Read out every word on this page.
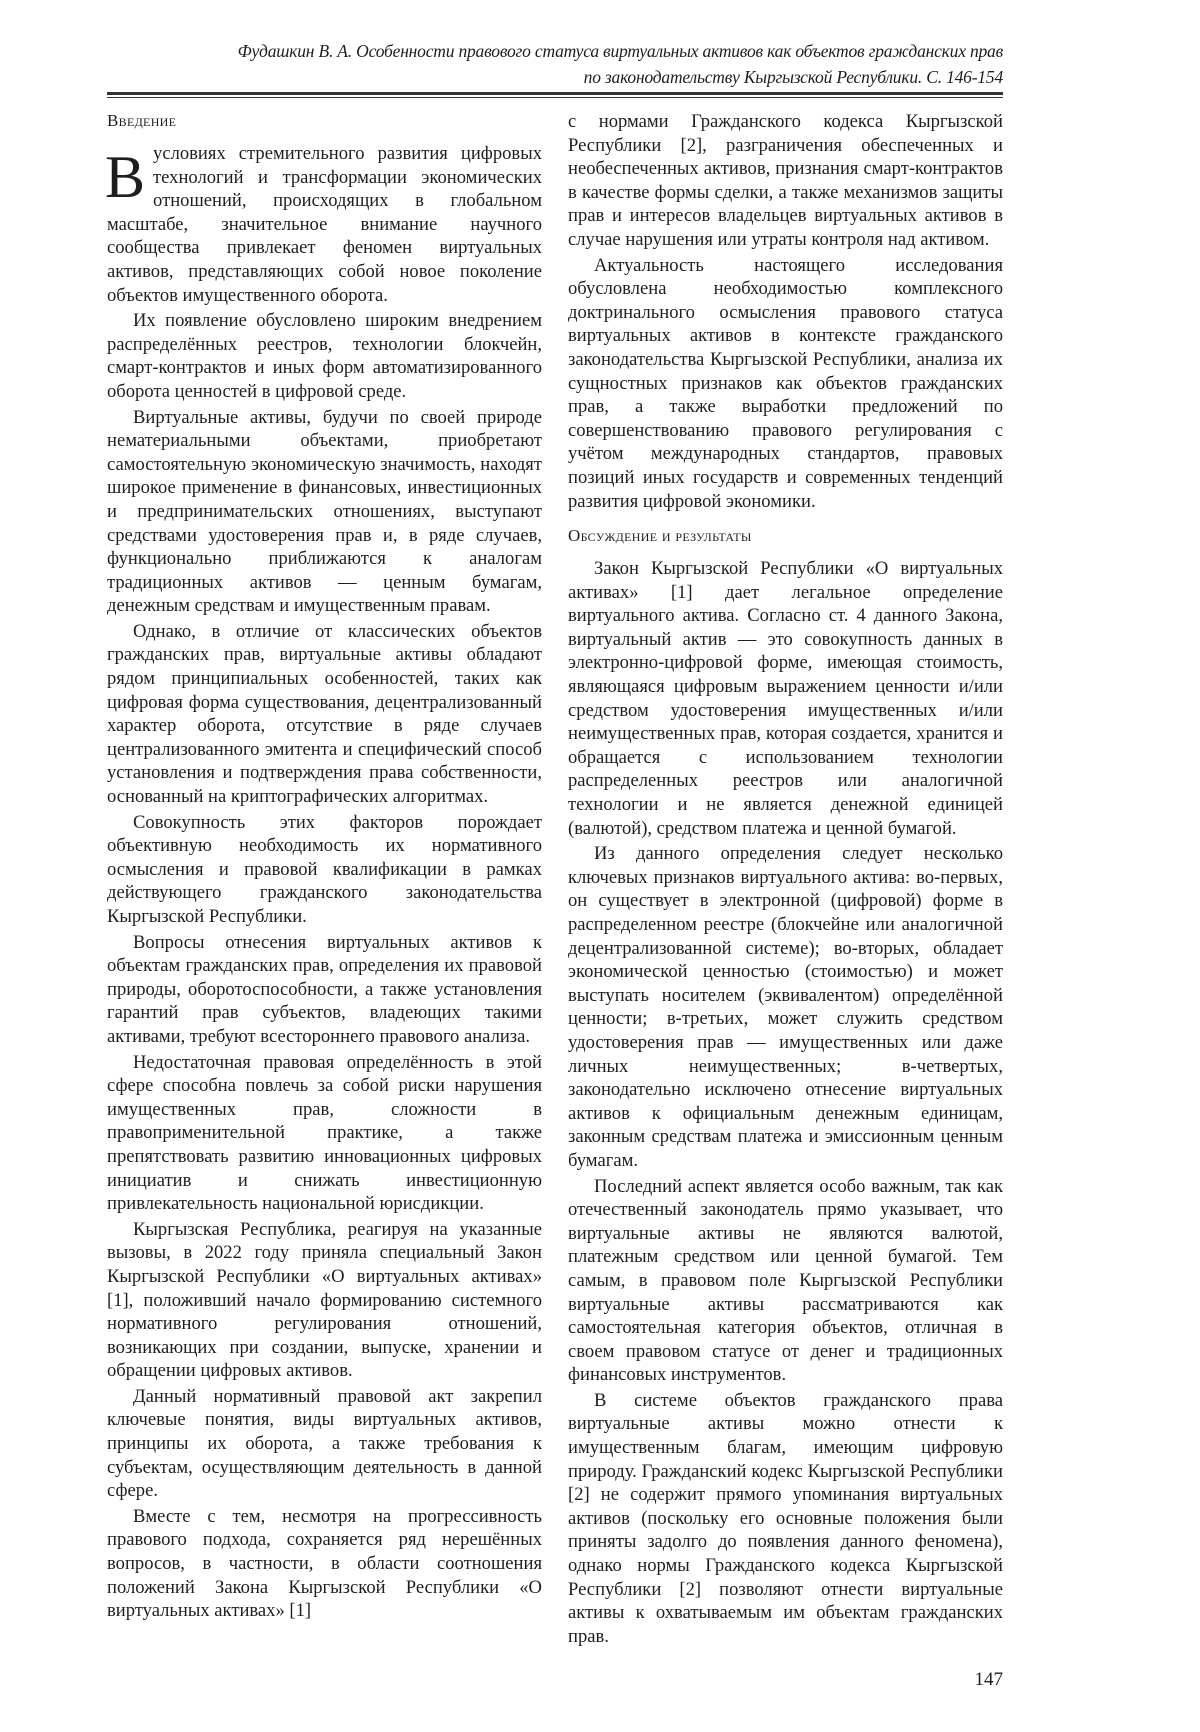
Фудашкин В. А. Особенности правового статуса виртуальных активов как объектов гражданских прав
по законодательству Кыргызской Республики. С. 146-154
Введение

В условиях стремительного развития цифровых технологий и трансформации экономических отношений, происходящих в глобальном масштабе, значительное внимание научного сообщества привлекает феномен виртуальных активов, представляющих собой новое поколение объектов имущественного оборота.

Их появление обусловлено широким внедрением распределённых реестров, технологии блокчейн, смарт-контрактов и иных форм автоматизированного оборота ценностей в цифровой среде.

Виртуальные активы, будучи по своей природе нематериальными объектами, приобретают самостоятельную экономическую значимость, находят широкое применение в финансовых, инвестиционных и предпринимательских отношениях, выступают средствами удостоверения прав и, в ряде случаев, функционально приближаются к аналогам традиционных активов — ценным бумагам, денежным средствам и имущественным правам.

Однако, в отличие от классических объектов гражданских прав, виртуальные активы обладают рядом принципиальных особенностей, таких как цифровая форма существования, децентрализованный характер оборота, отсутствие в ряде случаев централизованного эмитента и специфический способ установления и подтверждения права собственности, основанный на криптографических алгоритмах.

Совокупность этих факторов порождает объективную необходимость их нормативного осмысления и правовой квалификации в рамках действующего гражданского законодательства Кыргызской Республики.

Вопросы отнесения виртуальных активов к объектам гражданских прав, определения их правовой природы, оборотоспособности, а также установления гарантий прав субъектов, владеющих такими активами, требуют всестороннего правового анализа.

Недостаточная правовая определённость в этой сфере способна повлечь за собой риски нарушения имущественных прав, сложности в правоприменительной практике, а также препятствовать развитию инновационных цифровых инициатив и снижать инвестиционную привлекательность национальной юрисдикции.

Кыргызская Республика, реагируя на указанные вызовы, в 2022 году приняла специальный Закон Кыргызской Республики «О виртуальных активах» [1], положивший начало формированию системного нормативного регулирования отношений, возникающих при создании, выпуске, хранении и обращении цифровых активов.

Данный нормативный правовой акт закрепил ключевые понятия, виды виртуальных активов, принципы их оборота, а также требования к субъектам, осуществляющим деятельность в данной сфере.

Вместе с тем, несмотря на прогрессивность правового подхода, сохраняется ряд нерешённых вопросов, в частности, в области соотношения положений Закона Кыргызской Республики «О виртуальных активах» [1]

с нормами Гражданского кодекса Кыргызской Республики [2], разграничения обеспеченных и необеспеченных активов, признания смарт-контрактов в качестве формы сделки, а также механизмов защиты прав и интересов владельцев виртуальных активов в случае нарушения или утраты контроля над активом.

Актуальность настоящего исследования обусловлена необходимостью комплексного доктринального осмысления правового статуса виртуальных активов в контексте гражданского законодательства Кыргызской Республики, анализа их сущностных признаков как объектов гражданских прав, а также выработки предложений по совершенствованию правового регулирования с учётом международных стандартов, правовых позиций иных государств и современных тенденций развития цифровой экономики.

Обсуждение и результаты

Закон Кыргызской Республики «О виртуальных активах» [1] дает легальное определение виртуального актива. Согласно ст. 4 данного Закона, виртуальный актив — это совокупность данных в электронно-цифровой форме, имеющая стоимость, являющаяся цифровым выражением ценности и/или средством удостоверения имущественных и/или неимущественных прав, которая создается, хранится и обращается с использованием технологии распределенных реестров или аналогичной технологии и не является денежной единицей (валютой), средством платежа и ценной бумагой.

Из данного определения следует несколько ключевых признаков виртуального актива: во-первых, он существует в электронной (цифровой) форме в распределенном реестре (блокчейне или аналогичной децентрализованной системе); во-вторых, обладает экономической ценностью (стоимостью) и может выступать носителем (эквивалентом) определённой ценности; в-третьих, может служить средством удостоверения прав — имущественных или даже личных неимущественных; в-четвертых, законодательно исключено отнесение виртуальных активов к официальным денежным единицам, законным средствам платежа и эмиссионным ценным бумагам.

Последний аспект является особо важным, так как отечественный законодатель прямо указывает, что виртуальные активы не являются валютой, платежным средством или ценной бумагой. Тем самым, в правовом поле Кыргызской Республики виртуальные активы рассматриваются как самостоятельная категория объектов, отличная в своем правовом статусе от денег и традиционных финансовых инструментов.

В системе объектов гражданского права виртуальные активы можно отнести к имущественным благам, имеющим цифровую природу. Гражданский кодекс Кыргызской Республики [2] не содержит прямого упоминания виртуальных активов (поскольку его основные положения были приняты задолго до появления данного феномена), однако нормы Гражданского кодекса Кыргызской Республики [2] позволяют отнести виртуальные активы к охватываемым им объектам гражданских прав.

147
